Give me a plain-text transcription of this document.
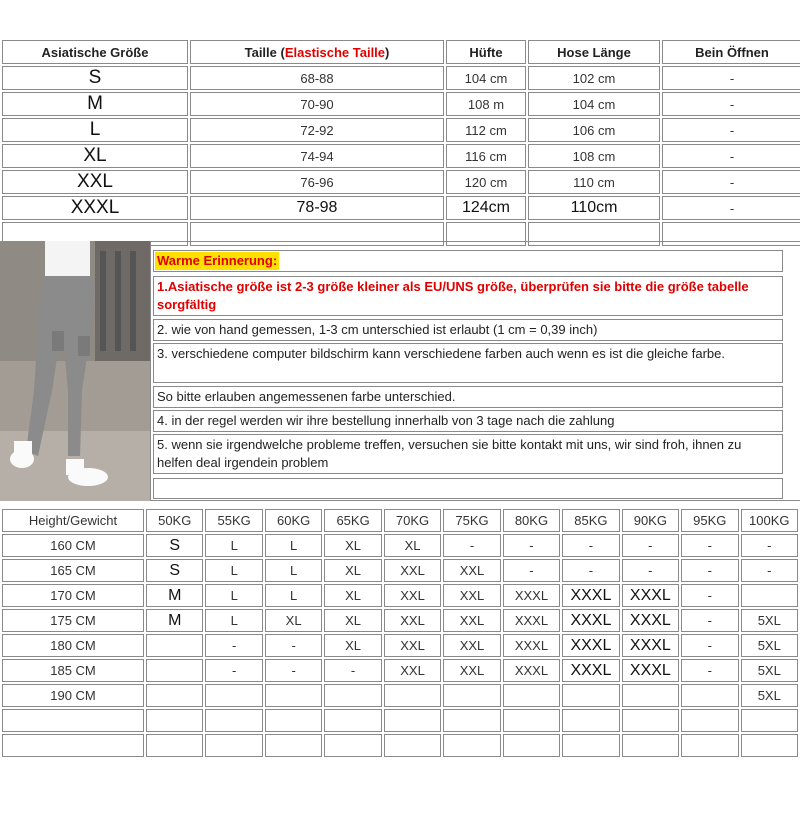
Asiatische Größe	Taille (Elastische Taille)	Hüfte	Hose Länge	Bein Öffnen
S	68-88	104 cm	102 cm	-
M	70-90	108 m	104 cm	-
L	72-92	112 cm	106 cm	-
XL	74-94	116 cm	108 cm	-
XXL	76-96	120 cm	110 cm	-
XXXL	78-98	124cm	110cm	-

Warme Erinnerung:
1.Asiatische größe ist 2-3 größe kleiner als EU/UNS größe, überprüfen sie bitte die größe tabelle sorgfältig
2. wie von hand gemessen, 1-3 cm unterschied ist erlaubt (1 cm = 0,39 inch)
3. verschiedene computer bildschirm kann verschiedene farben auch wenn es ist die gleiche farbe.
So bitte erlauben angemessenen farbe unterschied.
4. in der regel werden wir ihre bestellung innerhalb von 3 tage nach die zahlung
5. wenn sie irgendwelche probleme treffen, versuchen sie bitte kontakt mit uns, wir sind froh, ihnen zu helfen deal irgendein problem
Height/Gewicht	50KG	55KG	60KG	65KG	70KG	75KG	80KG	85KG	90KG	95KG	100KG
160 CM	S	L	L	XL	XL	-	-	-	-	-	-
165 CM	S	L	L	XL	XXL	XXL	-	-	-	-	-
170 CM	M	L	L	XL	XXL	XXL	XXXL	XXXL	XXXL	-	
175 CM	M	L	XL	XL	XXL	XXL	XXXL	XXXL	XXXL	-	5XL
180 CM		-	-	XL	XXL	XXL	XXXL	XXXL	XXXL	-	5XL
185 CM		-	-	-	XXL	XXL	XXXL	XXXL	XXXL	-	5XL
190 CM											5XL
